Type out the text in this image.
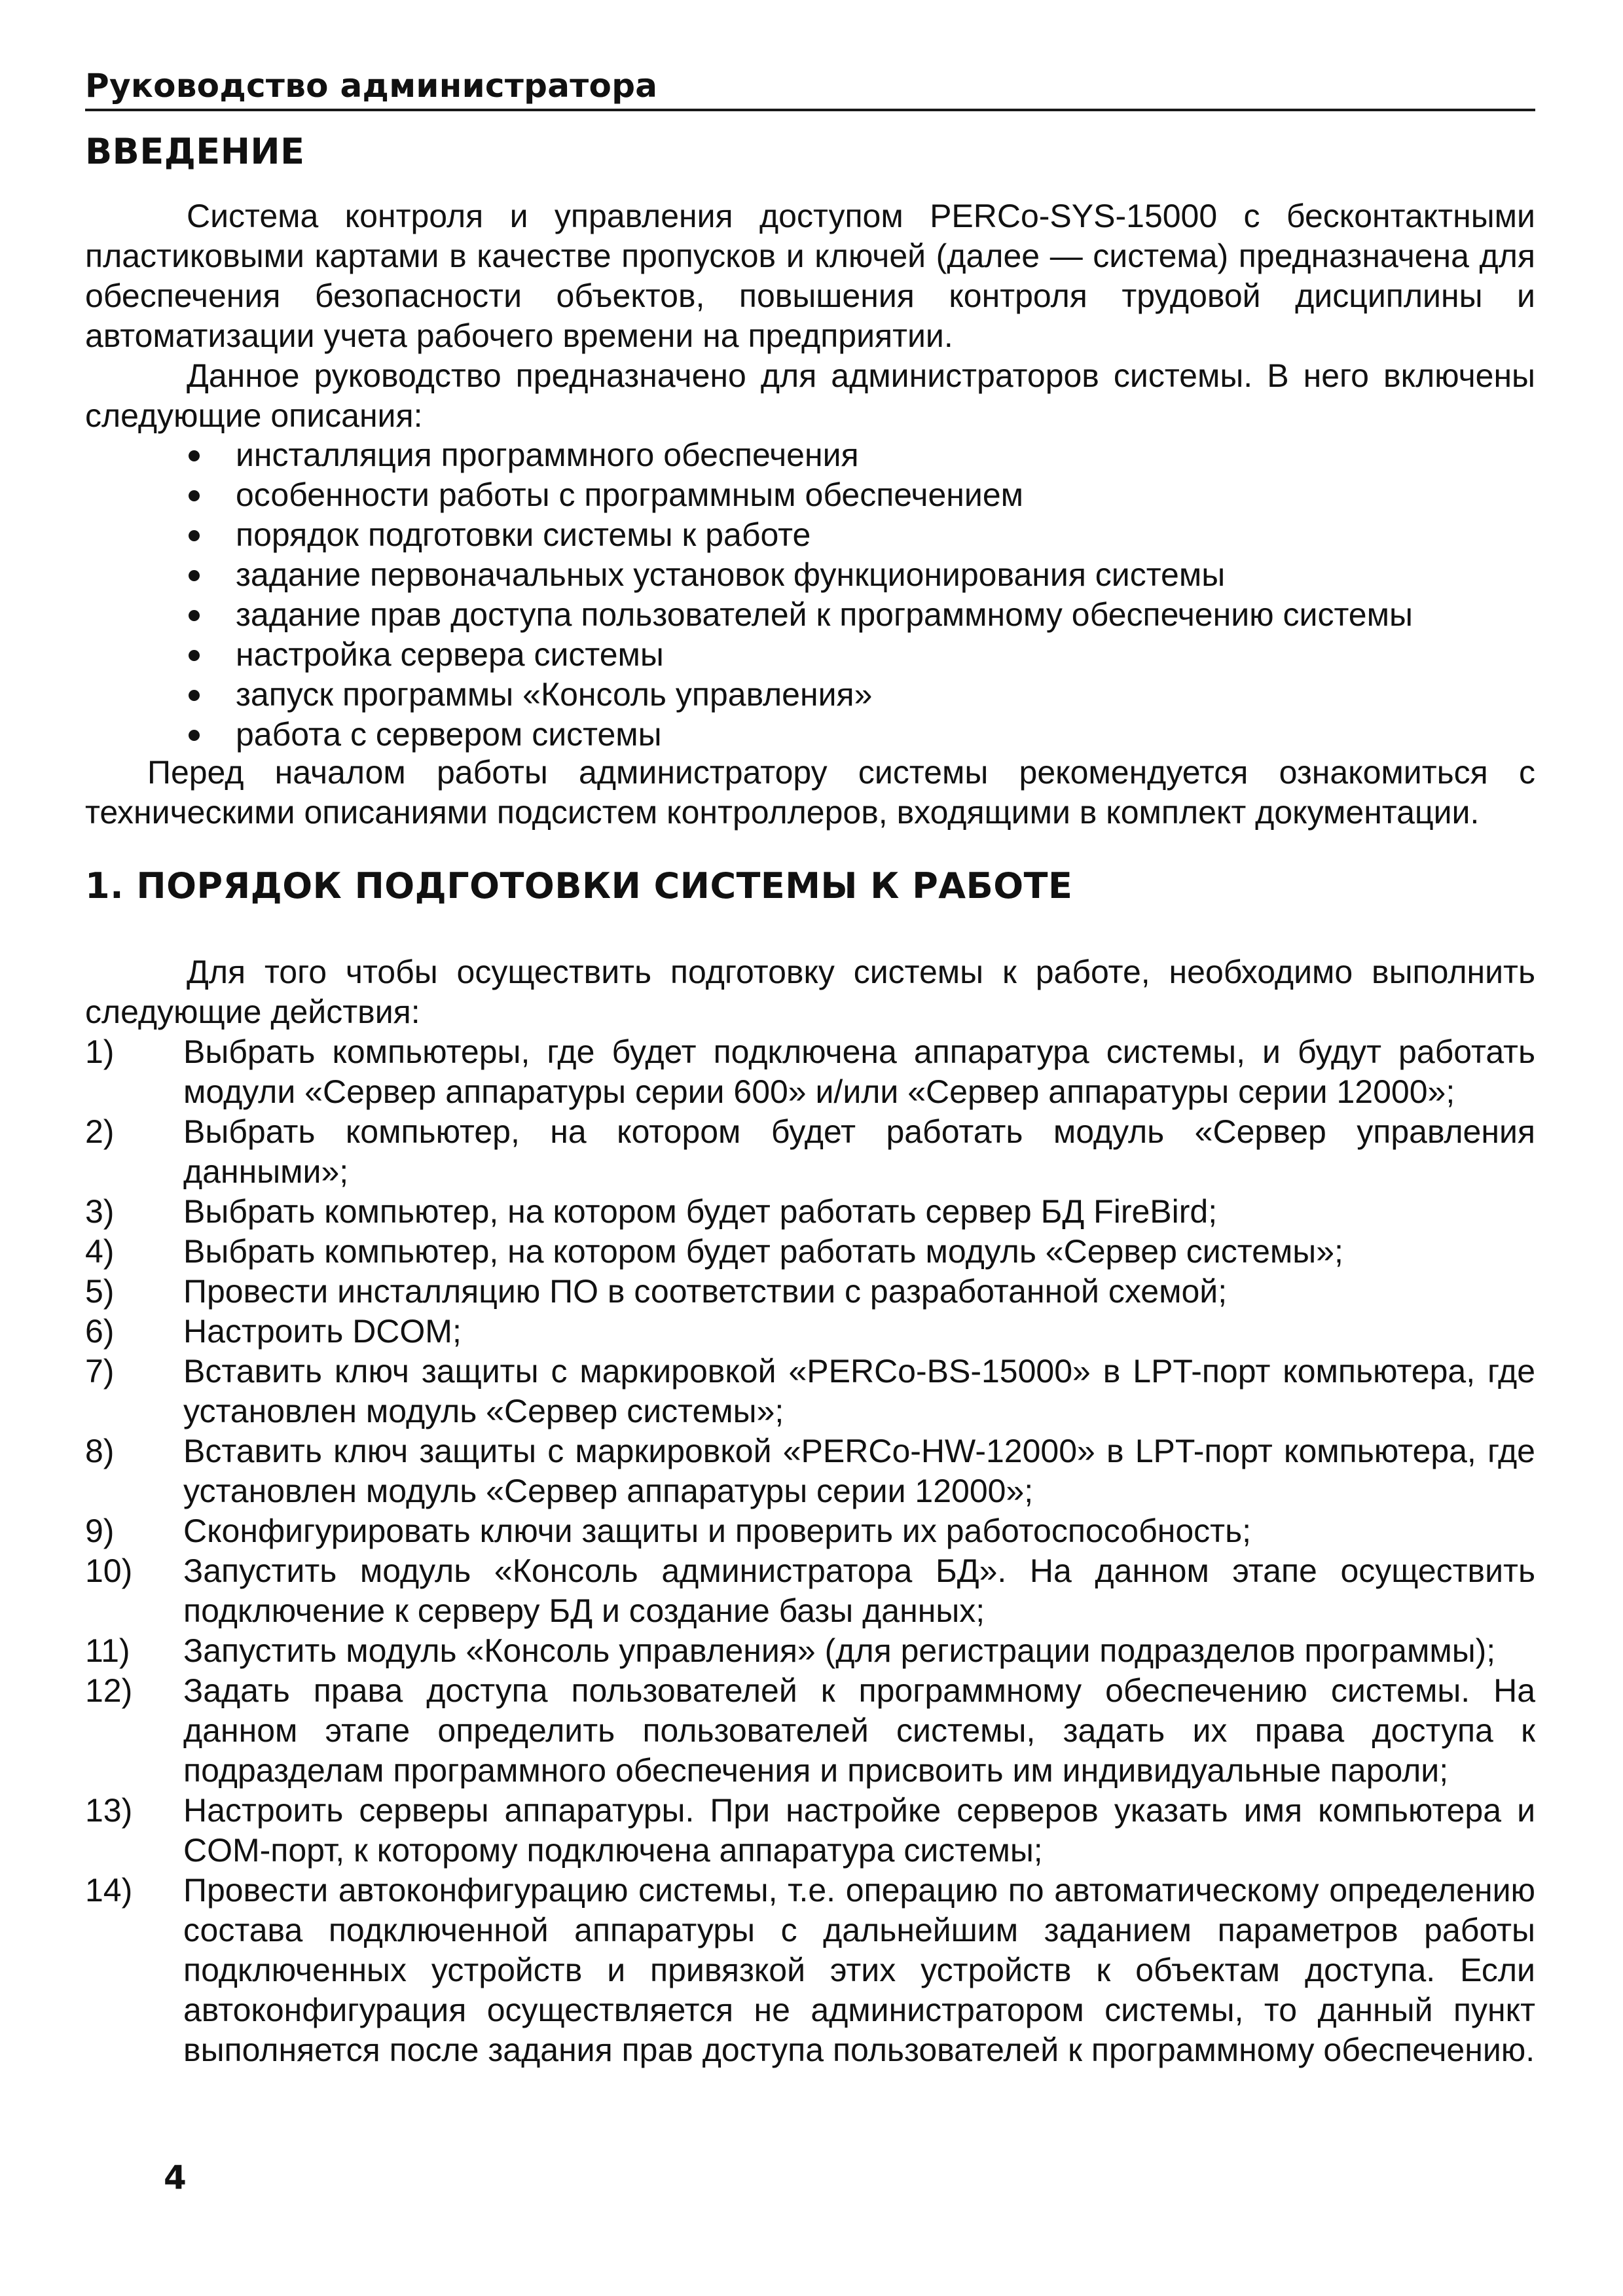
Руководство администратора
ВВЕДЕНИЕ

Система контроля и управления доступом PERCo-SYS-15000 с бесконтактными пластиковыми картами в качестве пропусков и ключей (далее — система) предназначена для обеспечения безопасности объектов, повышения контроля трудовой дисциплины и автоматизации учета рабочего времени на предприятии.

Данное руководство предназначено для администраторов системы. В него включены следующие описания:

инсталляция программного обеспечения
особенности работы с программным обеспечением
порядок подготовки системы к работе
задание первоначальных установок функционирования системы
задание прав доступа пользователей к программному обеспечению системы
настройка сервера системы
запуск программы «Консоль управления»
работа с сервером системы

Перед началом работы администратору системы рекомендуется ознакомиться с техническими описаниями подсистем контроллеров, входящими в комплект документации.

1. ПОРЯДОК ПОДГОТОВКИ СИСТЕМЫ К РАБОТЕ

Для того чтобы осуществить подготовку системы к работе, необходимо выполнить следующие действия:

1)	Выбрать компьютеры, где будет подключена аппаратура системы, и будут работать модули «Сервер аппаратуры серии 600» и/или «Сервер аппаратуры серии 12000»;
2)	Выбрать компьютер, на котором будет работать модуль «Сервер управления данными»;
3)	Выбрать компьютер, на котором будет работать сервер БД FireBird;
4)	Выбрать компьютер, на котором будет работать модуль «Сервер системы»;
5)	Провести инсталляцию ПО в соответствии с разработанной схемой;
6)	Настроить DCOM;
7)	Вставить ключ защиты с маркировкой «PERCo-BS-15000» в LPT-порт компьютера, где установлен модуль «Сервер системы»;
8)	Вставить ключ защиты с маркировкой «PERCo-HW-12000» в LPT-порт компьютера, где установлен модуль «Сервер аппаратуры серии 12000»;
9)	Сконфигурировать ключи защиты и проверить их работоспособность;
10)	Запустить модуль «Консоль администратора БД». На данном этапе осуществить подключение к серверу БД и создание базы данных;
11)	Запустить модуль «Консоль управления» (для регистрации подразделов программы);
12)	Задать права доступа пользователей к программному обеспечению системы. На данном этапе определить пользователей системы, задать их права доступа к подразделам программного обеспечения и присвоить им индивидуальные пароли;
13)	Настроить серверы аппаратуры. При настройке серверов указать имя компьютера и COM-порт, к которому подключена аппаратура системы;
14)	Провести автоконфигурацию системы, т.е. операцию по автоматическому определению состава подключенной аппаратуры с дальнейшим заданием параметров работы подключенных устройств и привязкой этих устройств к объектам доступа. Если автоконфигурация осуществляется не администратором системы, то данный пункт выполняется после задания прав доступа пользователей к программному обеспечению.
4
